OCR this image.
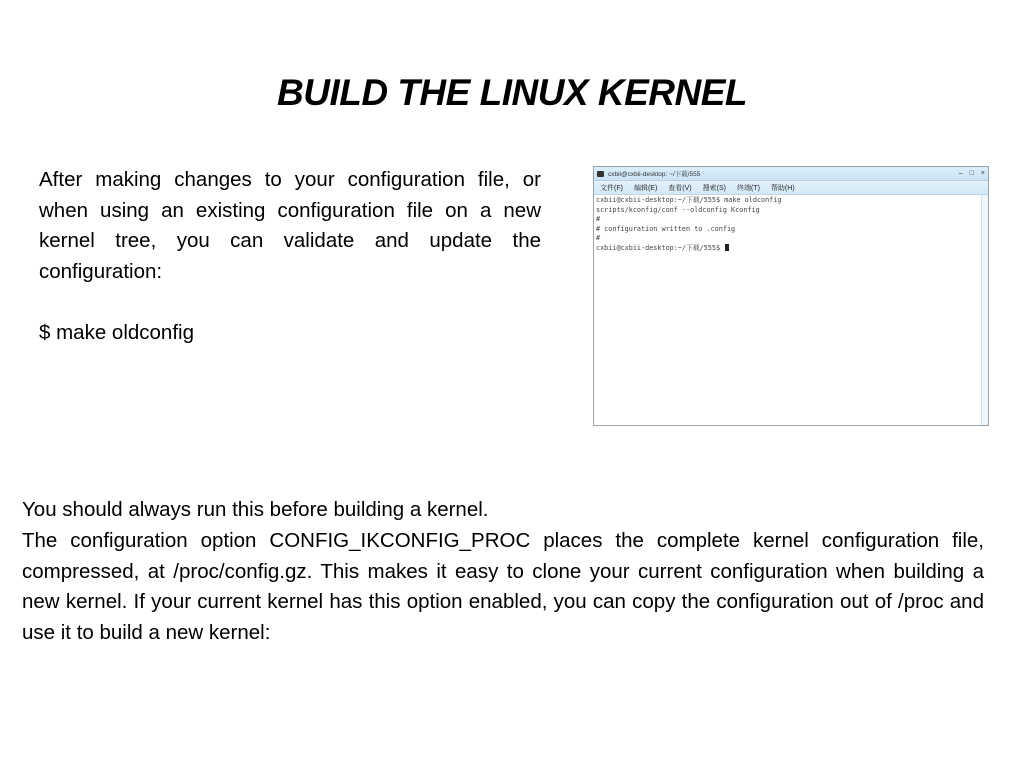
BUILD THE LINUX KERNEL

After making changes to your configuration file, or when using an existing configuration file on a new kernel tree, you can validate and update the configuration:

$ make oldconfig

cxbii@cxbii-desktop: ~/下载/555	– □ ×
文件(F) 编辑(E) 查看(V) 搜索(S) 终端(T) 帮助(H)
cxbii@cxbii-desktop:~/下载/555$ make oldconfig
scripts/kconfig/conf --oldconfig Kconfig
#
# configuration written to .config
#
cxbii@cxbii-desktop:~/下载/555$

You should always run this before building a kernel.

The configuration option CONFIG_IKCONFIG_PROC places the complete kernel configuration file, compressed, at /proc/config.gz. This makes it easy to clone your current configuration when building a new kernel. If your current kernel has this option enabled, you can copy the configuration out of /proc and use it to build a new kernel:
